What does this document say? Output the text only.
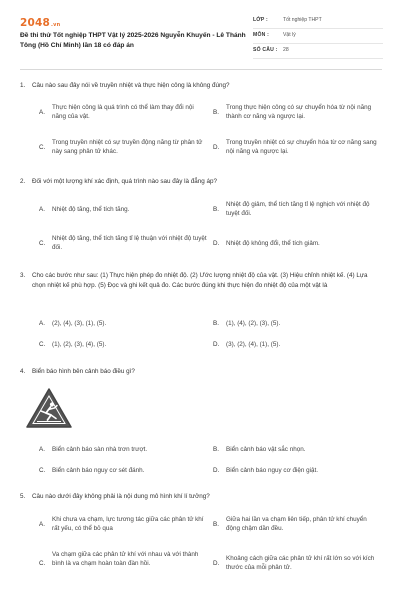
2048.vn
Đề thi thử Tốt nghiệp THPT Vật lý 2025-2026 Nguyễn Khuyến - Lê Thánh Tông (Hồ Chí Minh) lần 18 có đáp án
LỚP :	Tốt nghiệp THPT
MÔN :	Vật lý
SỐ CÂU : 28
1. Câu nào sau đây nói về truyền nhiệt và thực hiện công là không đúng?
A.
Thực hiện công là quá trình có thể làm thay đổi nội năng của vật.
B.
Trong thực hiện công có sự chuyển hóa từ nội năng thành cơ năng và ngược lại.
C.
Trong truyền nhiệt có sự truyền động năng từ phân tử này sang phân tử khác.
D.
Trong truyền nhiệt có sự chuyển hóa từ cơ năng sang nội năng và ngược lại.
2. Đối với một lượng khí xác định, quá trình nào sau đây là đẳng áp?
A. Nhiệt độ tăng, thể tích tăng.	B.
Nhiệt độ giảm, thể tích tăng tỉ lệ nghịch với nhiệt độ tuyệt đối.
C.
Nhiệt độ tăng, thể tích tăng tỉ lệ thuận với nhiệt độ tuyệt đối.
D. Nhiệt độ không đổi, thể tích giảm.
3. Cho các bước như sau: (1) Thực hiện phép đo nhiệt độ. (2) Ước lượng nhiệt độ của vật. (3) Hiệu chỉnh nhiệt kế. (4) Lựa chọn nhiệt kế phù hợp. (5) Đọc và ghi kết quả đo. Các bước đúng khi thực hiện đo nhiệt độ của một vật là
A. (2), (4), (3), (1), (5).	B. (1), (4), (2), (3), (5).
C. (1), (2), (3), (4), (5).	D. (3), (2), (4), (1), (5).
4. Biển báo hình bên cảnh báo điều gì?
A. Biển cảnh báo sàn nhà trơn trượt.	B. Biển cảnh báo vật sắc nhọn.
C. Biển cảnh báo nguy cơ sét đánh.	D. Biển cảnh báo nguy cơ điện giật.
5. Câu nào dưới đây không phải là nội dung mô hình khí lí tưởng?
A.
Khi chưa va chạm, lực tương tác giữa các phân tử khí rất yếu, có thể bỏ qua
B.
Giữa hai lần va chạm liên tiếp, phân tử khí chuyển động chậm dần đều.
C.
Va chạm giữa các phân tử khí với nhau và với thành bình là va chạm hoàn toàn đàn hồi.	D.
Khoảng cách giữa các phân tử khí rất lớn so với kích thước của mỗi phân tử.
